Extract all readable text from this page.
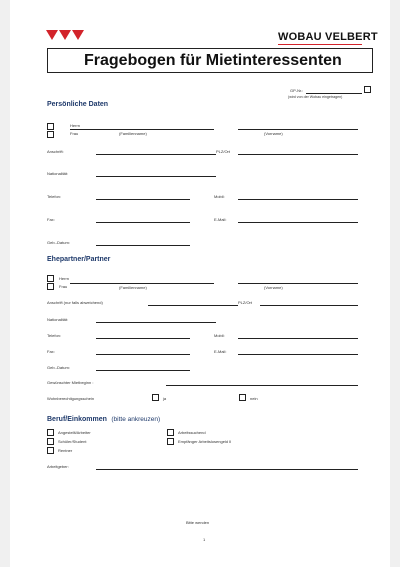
WOBAU VELBERT
Fragebogen für Mietinteressenten
GP-Nr.:
(wird von der Wobau eingetragen)
Persönliche Daten
Herrn
Frau	(Familienname)	(Vorname)
Anschrift:	PLZ/Ort
Nationalität:
Telefon:	Mobil:
Fax:	E-Mail:
Geb.-Datum:
Ehepartner/Partner
Herrn
Frau	(Familienname)	(Vorname)
Anschrift (nur falls abweichend)	PLZ/Ort
Nationalität:
Telefon:	Mobil:
Fax:	E-Mail:
Geb.-Datum:
Gewünschter Mietbeginn :
Wohnberechtigungsschein	ja	nein
Beruf/Einkommen (bitte ankreuzen)
Angestellt/Arbeiter	Arbeitssuchend
Schüler/Student	Empfänger Arbeitslosengeld II
Rentner
Arbeitgeber:
Bitte wenden
1
